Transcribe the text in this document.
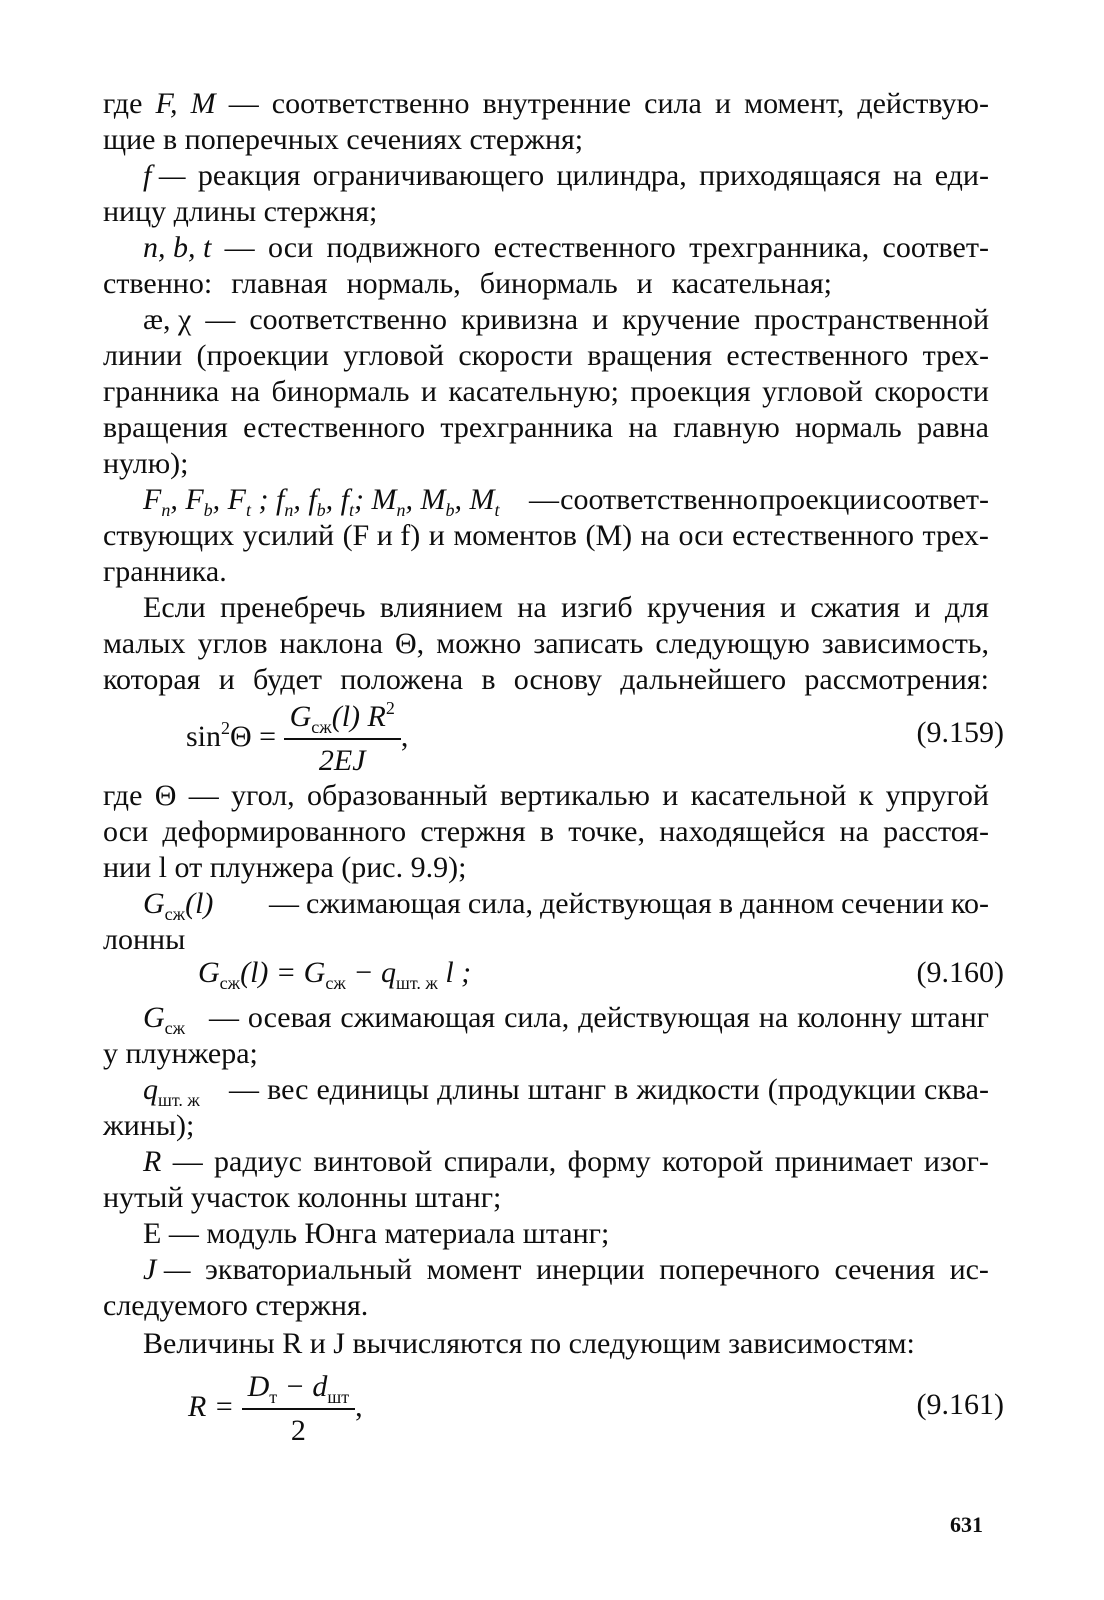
где F, M — соответственно внутренние сила и момент, действую-
щие в поперечных сечениях стержня;
f — реакция ограничивающего цилиндра, приходящаяся на еди-
ницу длины стержня;
n, b, t — оси подвижного естественного трехгранника, соответ-
ственно: главная нормаль, бинормаль и касательная;
æ, χ — соответственно кривизна и кручение пространственной
линии (проекции угловой скорости вращения естественного трех-
гранника на бинормаль и касательную; проекция угловой скорости
вращения естественного трехгранника на главную нормаль равна
нулю);
$F_n$, $F_b$, $F_t$ ; $f_n$, $f_b$, $f_t$; $M_n$, $M_b$, $M_t$ — соответственно проекции соответ-
ствующих усилий (F и f) и моментов (M) на оси естественного трех-
гранника.
Если пренебречь влиянием на изгиб кручения и сжатия и для
малых углов наклона Θ, можно записать следующую зависимость,
которая и будет положена в основу дальнейшего рассмотрения:
$\sin^2\Theta = \frac{G_{сж}(l) R^2}{2EJ}$ ,	(9.159)
где Θ — угол, образованный вертикалью и касательной к упругой
оси деформированного стержня в точке, находящейся на расстоя-
нии l от плунжера (рис. 9.9);
$G_{сж}(l)$ — сжимающая сила, действующая в данном сечении ко-
лонны
$G_{сж}(l) = G_{сж} - q_{шт. ж}$ l ;	(9.160)
$G_{сж}$ — осевая сжимающая сила, действующая на колонну штанг
у плунжера;
$q_{шт. ж}$ — вес единицы длины штанг в жидкости (продукции сква-
жины);
R — радиус винтовой спирали, форму которой принимает изог-
нутый участок колонны штанг;
E — модуль Юнга материала штанг;
J — экваториальный момент инерции поперечного сечения ис-
следуемого стержня.
Величины R и J вычисляются по следующим зависимостям:
$R = \frac{D_т - d_{шт}}{2}$ ,	(9.161)
631
